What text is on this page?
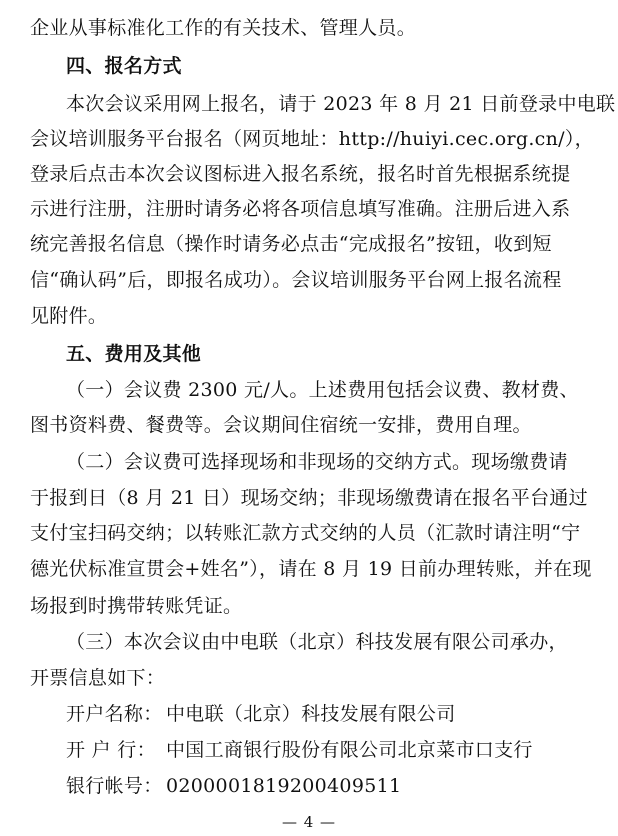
企业从事标准化工作的有关技术、管理人员。
四、报名方式
本次会议采用网上报名，请于 2023 年 8 月 21 日前登录中电联
会议培训服务平台报名（网页地址：http://huiyi.cec.org.cn/），
登录后点击本次会议图标进入报名系统，报名时首先根据系统提
示进行注册，注册时请务必将各项信息填写准确。注册后进入系
统完善报名信息（操作时请务必点击“完成报名”按钮，收到短
信“确认码”后，即报名成功）。会议培训服务平台网上报名流程
见附件。
五、费用及其他
（一）会议费 2300 元/人。上述费用包括会议费、教材费、
图书资料费、餐费等。会议期间住宿统一安排，费用自理。
（二）会议费可选择现场和非现场的交纳方式。现场缴费请
于报到日（8 月 21 日）现场交纳；非现场缴费请在报名平台通过
支付宝扫码交纳；以转账汇款方式交纳的人员（汇款时请注明“宁
德光伏标准宣贯会+姓名”），请在 8 月 19 日前办理转账，并在现
场报到时携带转账凭证。
（三）本次会议由中电联（北京）科技发展有限公司承办，
开票信息如下：
开户名称： 中电联（北京）科技发展有限公司
开 户 行： 中国工商银行股份有限公司北京菜市口支行
银行帐号： 0200001819200409511
— 4 —
